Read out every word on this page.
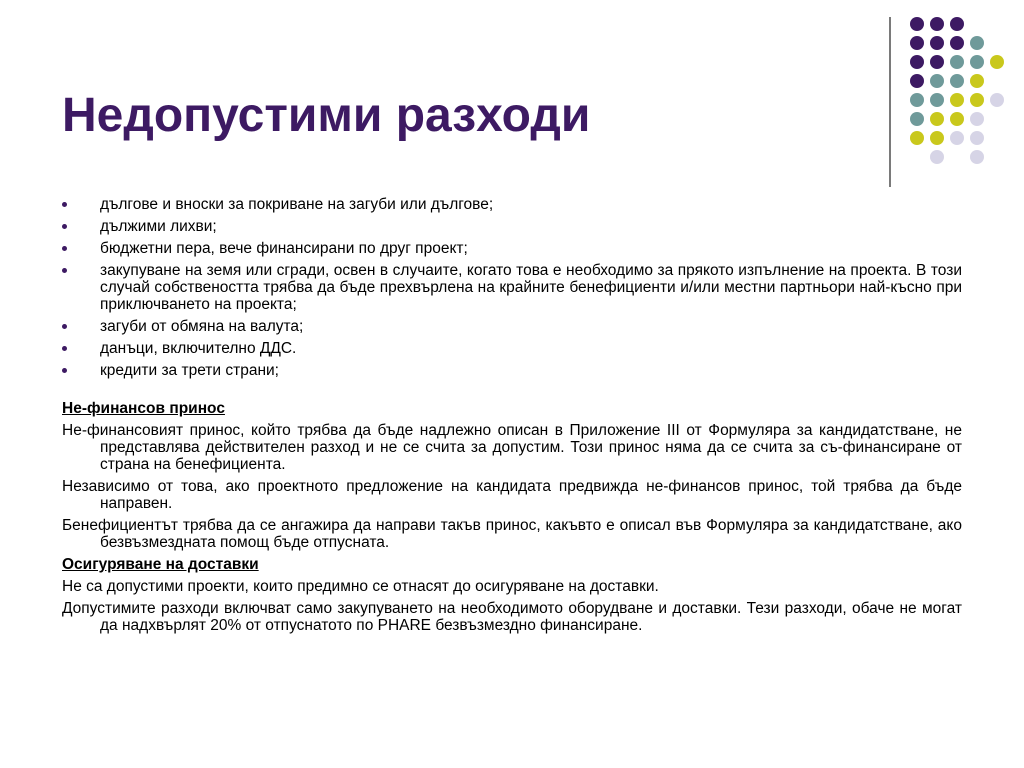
Недопустими разходи
дългове и вноски за покриване на загуби или дългове;
дължими лихви;
бюджетни пера, вече финансирани по друг проект;
закупуване на земя или сгради, освен в случаите, когато това е необходимо за прякото изпълнение на проекта. В този случай собствеността трябва да бъде прехвърлена на крайните бенефициенти и/или местни партньори най-късно при приключването на проекта;
загуби от обмяна на валута;
данъци, включително ДДС.
кредити за трети страни;
Не-финансов принос
Не-финансовият принос, който трябва да бъде надлежно описан в Приложение III от Формуляра за кандидатстване, не представлява действителен разход и не се счита за допустим. Този принос няма да се счита за съ-финансиране от страна на бенефициента.
Независимо от това, ако проектното предложение на кандидата предвижда не-финансов принос, той трябва да бъде направен.
Бенефициентът трябва да се ангажира да направи такъв принос, какъвто е описал във Формуляра за кандидатстване, ако безвъзмездната помощ бъде отпусната.
Осигуряване на доставки
Не са допустими проекти, които предимно се отнасят до осигуряване на доставки.
Допустимите разходи включват само закупуването на необходимото оборудване и доставки. Тези разходи, обаче не могат да надхвърлят 20% от отпуснатото по PHARE безвъзмездно финансиране.
